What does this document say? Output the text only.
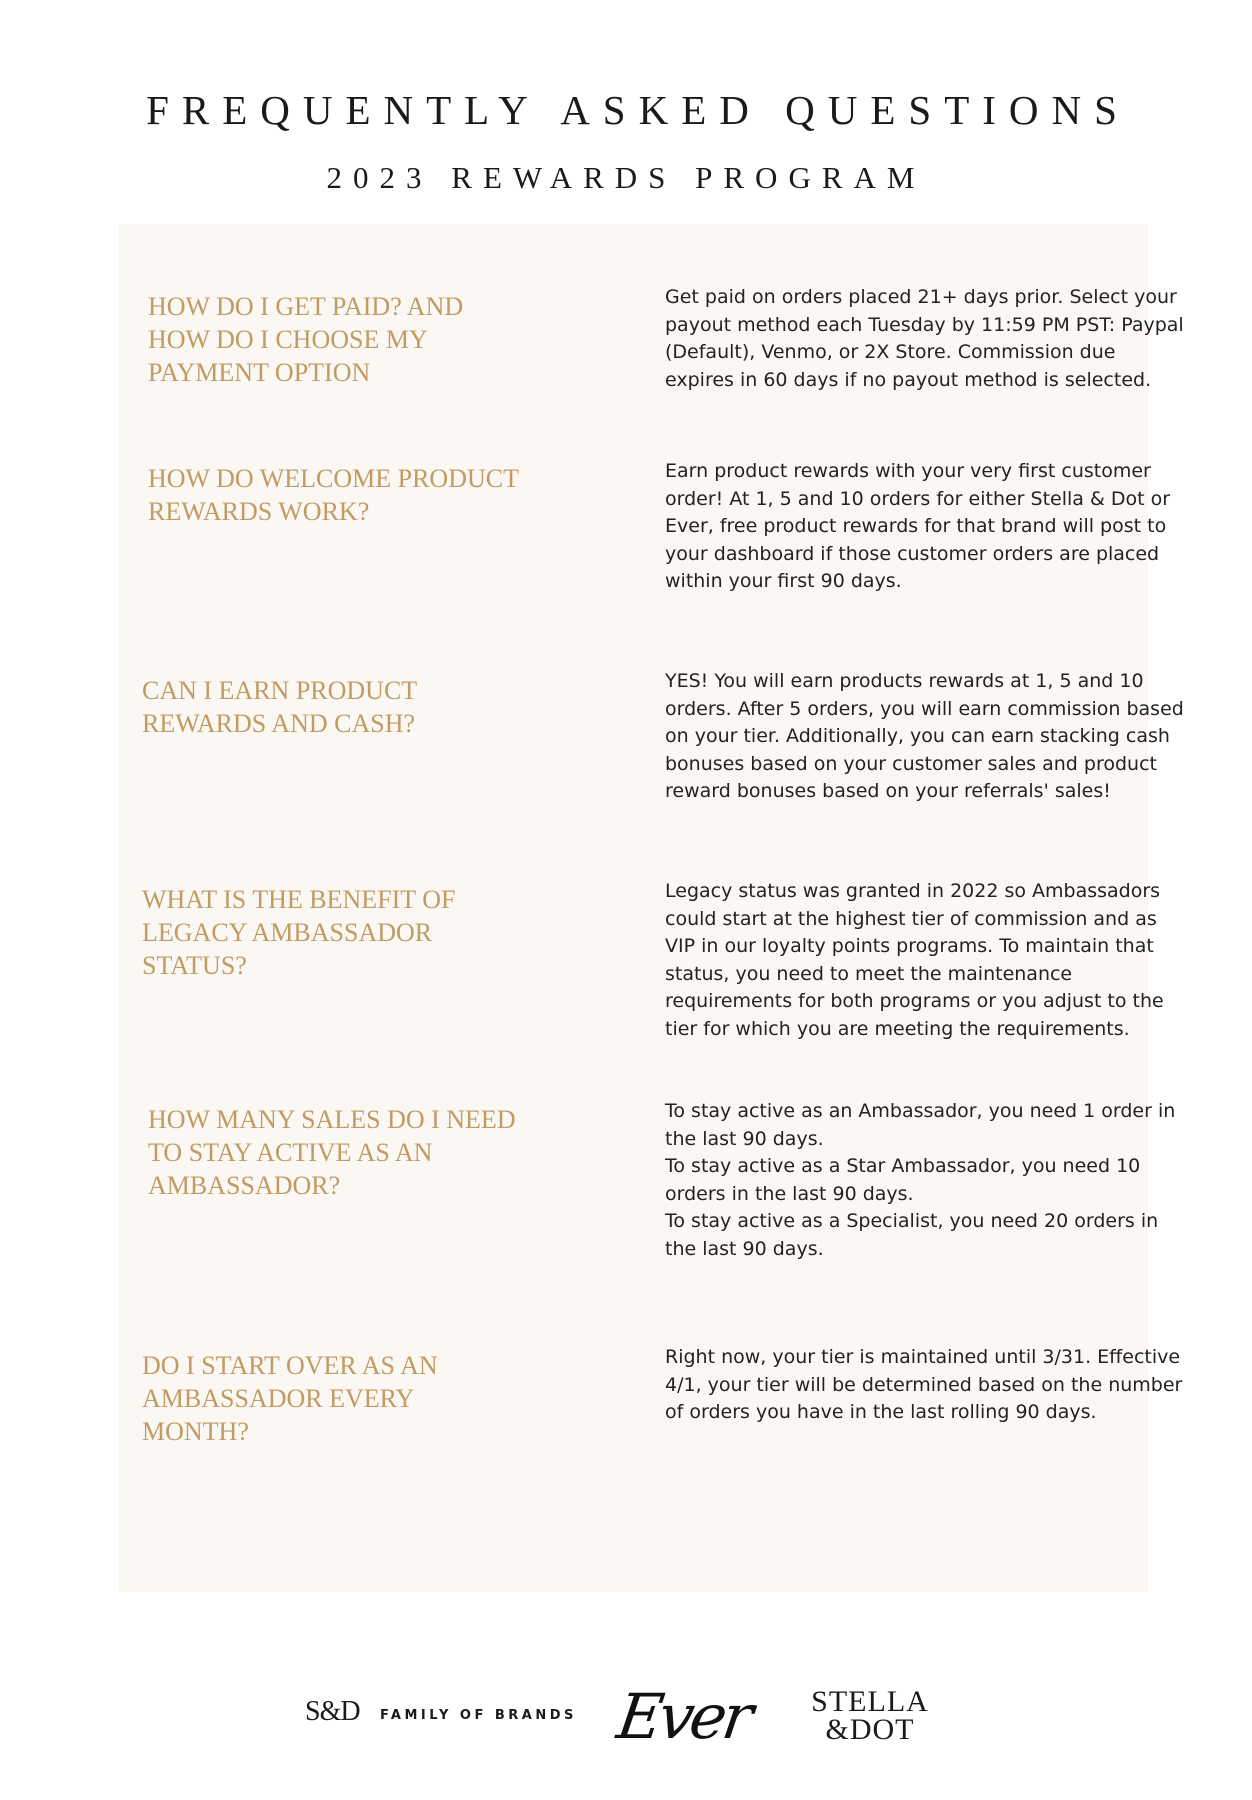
FREQUENTLY ASKED QUESTIONS
2023 REWARDS PROGRAM
HOW DO I GET PAID? AND HOW DO I CHOOSE MY PAYMENT OPTION
Get paid on orders placed 21+ days prior. Select your payout method each Tuesday by 11:59 PM PST: Paypal (Default), Venmo, or 2X Store. Commission due expires in 60 days if no payout method is selected.
HOW DO WELCOME PRODUCT REWARDS WORK?
Earn product rewards with your very first customer order! At 1, 5 and 10 orders for either Stella & Dot or Ever, free product rewards for that brand will post to your dashboard if those customer orders are placed within your first 90 days.
CAN I EARN PRODUCT REWARDS AND CASH?
YES! You will earn products rewards at 1, 5 and 10 orders. After 5 orders, you will earn commission based on your tier. Additionally, you can earn stacking cash bonuses based on your customer sales and product reward bonuses based on your referrals' sales!
WHAT IS THE BENEFIT OF LEGACY AMBASSADOR STATUS?
Legacy status was granted in 2022 so Ambassadors could start at the highest tier of commission and as VIP in our loyalty points programs. To maintain that status, you need to meet the maintenance requirements for both programs or you adjust to the tier for which you are meeting the requirements.
HOW MANY SALES DO I NEED TO STAY ACTIVE AS AN AMBASSADOR?
To stay active as an Ambassador, you need 1 order in the last 90 days.
To stay active as a Star Ambassador, you need 10 orders in the last 90 days.
To stay active as a Specialist, you need 20 orders in the last 90 days.
DO I START OVER AS AN AMBASSADOR EVERY MONTH?
Right now, your tier is maintained until 3/31. Effective 4/1, your tier will be determined based on the number of orders you have in the last rolling 90 days.
S&D FAMILY OF BRANDS Ever	STELLA
&DOT
